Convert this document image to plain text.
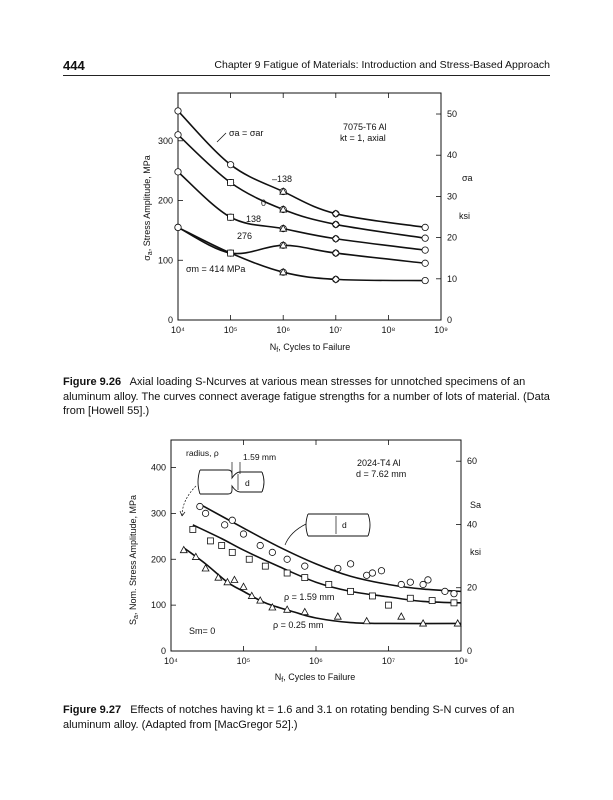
444	Chapter 9 Fatigue of Materials: Introduction and Stress-Based Approach
10⁴	10⁵	10⁶	10⁷	10⁸	10⁹
0
100
200
300
0
10
20
30
40
50
$\sigma_a$, Stress Amplitude, MPa
$N_f$, Cycles to Failure
σa
ksi
7075-T6 Al
kt = 1, axial
σa = σar
–138
0
138
276
σm = 414 MPa
Figure 9.26 Axial loading S-Ncurves at various mean stresses for unnotched specimens of an aluminum alloy. The curves connect average fatigue strengths for a number of lots of material. (Data from [Howell 55].)
10⁴	10⁵	10⁶	10⁷	10⁸
0
100
200
300
400
0
20
40
60
$S_a$, Nom. Stress Amplitude, MPa
$N_f$, Cycles to Failure
Sa
ksi
2024-T4 Al
d = 7.62 mm
ρ = 1.59 mm
ρ = 0.25 mm
Sm= 0
radius, ρ	1.59 mm
d
d
Figure 9.27 Effects of notches having kt = 1.6 and 3.1 on rotating bending S-N curves of an aluminum alloy. (Adapted from [MacGregor 52].)
